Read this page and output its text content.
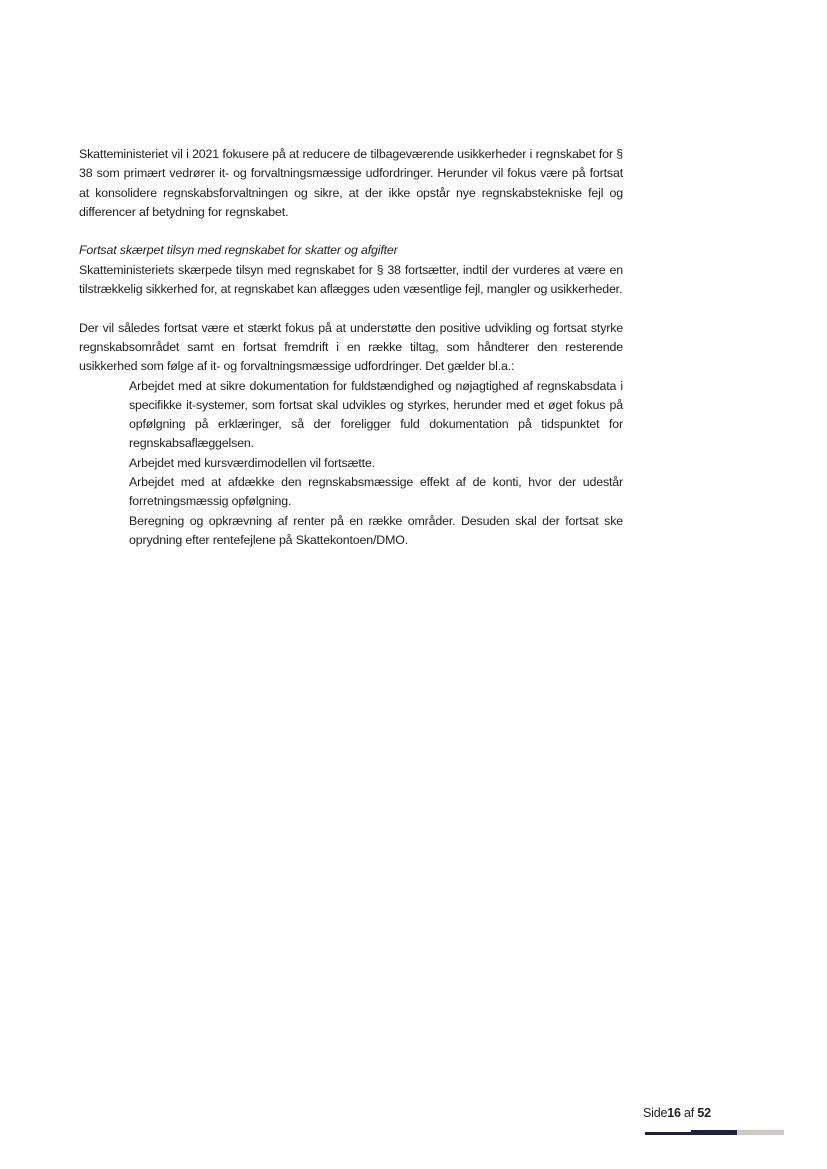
Skatteministeriet vil i 2021 fokusere på at reducere de tilbageværende usikkerheder i regnskabet for § 38 som primært vedrører it- og forvaltningsmæssige udfordringer. Herunder vil fokus være på fortsat at konsolidere regnskabsforvaltningen og sikre, at der ikke opstår nye regnskabstekniske fejl og differencer af betydning for regnskabet.

Fortsat skærpet tilsyn med regnskabet for skatter og afgifter

Skatteministeriets skærpede tilsyn med regnskabet for § 38 fortsætter, indtil der vurderes at være en tilstrækkelig sikkerhed for, at regnskabet kan aflægges uden væsentlige fejl, mangler og usikkerheder.

Der vil således fortsat være et stærkt fokus på at understøtte den positive udvikling og fortsat styrke regnskabsområdet samt en fortsat fremdrift i en række tiltag, som håndterer den resterende usikkerhed som følge af it- og forvaltningsmæssige udfordringer. Det gælder bl.a.:

Arbejdet med at sikre dokumentation for fuldstændighed og nøjagtighed af regnskabsdata i specifikke it-systemer, som fortsat skal udvikles og styrkes, herunder med et øget fokus på opfølgning på erklæringer, så der foreligger fuld dokumentation på tidspunktet for regnskabsaflæggelsen.
Arbejdet med kursværdimodellen vil fortsætte.
Arbejdet med at afdække den regnskabsmæssige effekt af de konti, hvor der udestår forretningsmæssig opfølgning.
Beregning og opkrævning af renter på en række områder. Desuden skal der fortsat ske oprydning efter rentefejlene på Skattekontoen/DMO.
Side16 af 52
